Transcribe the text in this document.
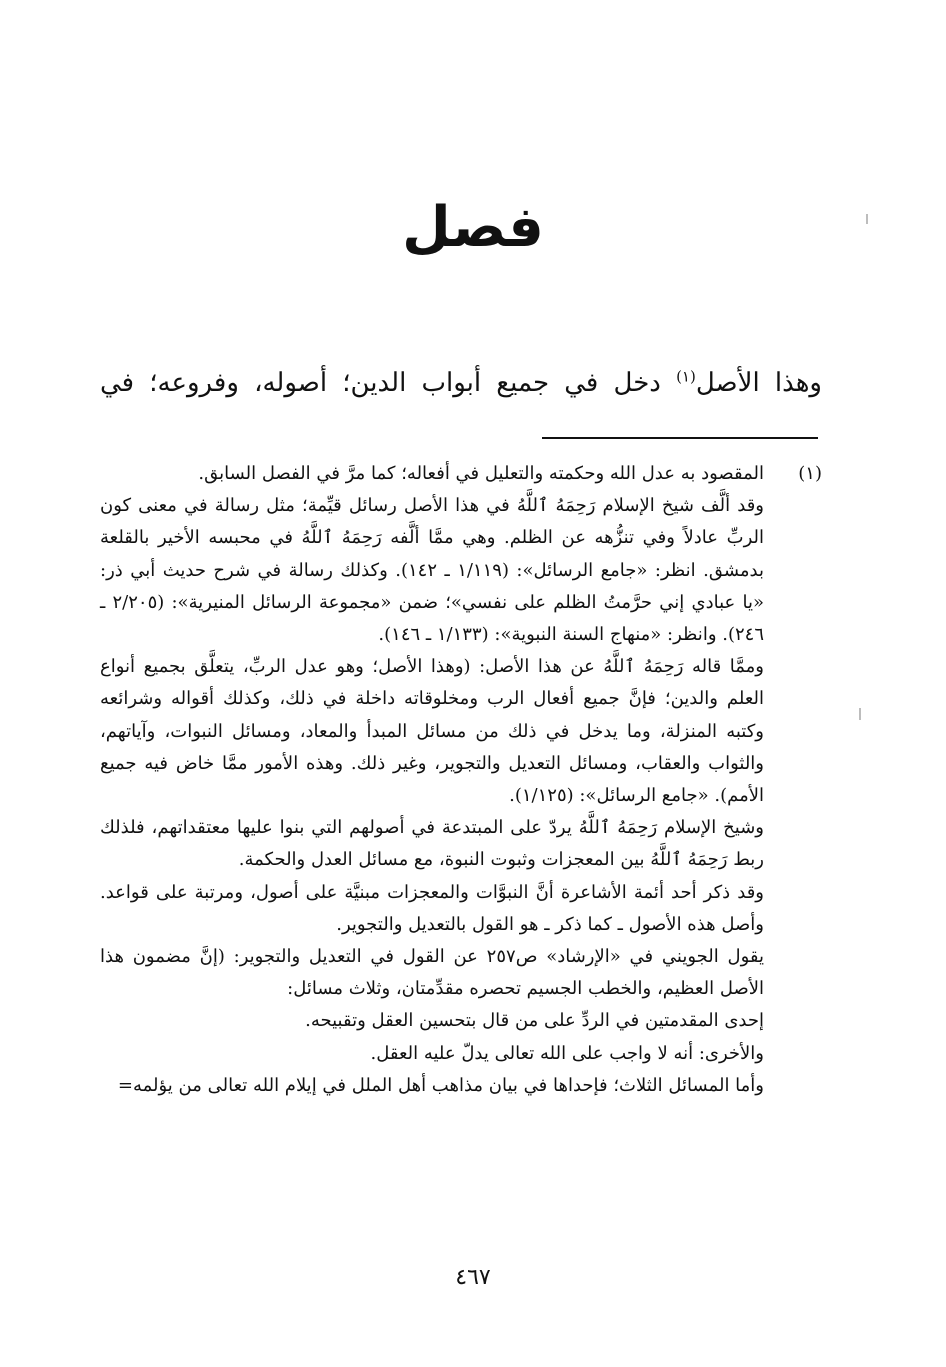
فصل

وهذا الأصل$^{(١)}$ دخل في جميع أبواب الدين؛ أصوله، وفروعه؛ في

(١)

المقصود به عدل الله وحكمته والتعليل في أفعاله؛ كما مرَّ في الفصل السابق.

وقد ألَّف شيخ الإسلام رَحِمَهُ ٱللَّهُ في هذا الأصل رسائل قيِّمة؛ مثل رسالة في معنى كون الربِّ عادلاً وفي تنزُّهه عن الظلم. وهي ممَّا ألَّفه رَحِمَهُ ٱللَّهُ في محبسه الأخير بالقلعة بدمشق. انظر: «جامع الرسائل»: (١/١١٩ ـ ١٤٢). وكذلك رسالة في شرح حديث أبي ذر: «يا عبادي إني حرَّمتُ الظلم على نفسي»؛ ضمن «مجموعة الرسائل المنيرية»: (٢/٢٠٥ ـ ٢٤٦). وانظر: «منهاج السنة النبوية»: (١/١٣٣ ـ ١٤٦).

وممَّا قاله رَحِمَهُ ٱللَّهُ عن هذا الأصل: (وهذا الأصل؛ وهو عدل الربِّ، يتعلَّق بجميع أنواع العلم والدين؛ فإنَّ جميع أفعال الرب ومخلوقاته داخلة في ذلك، وكذلك أقواله وشرائعه وكتبه المنزلة، وما يدخل في ذلك من مسائل المبدأ والمعاد، ومسائل النبوات، وآياتهم، والثواب والعقاب، ومسائل التعديل والتجوير، وغير ذلك. وهذه الأمور ممَّا خاض فيه جميع الأمم). «جامع الرسائل»: (١/١٢٥).

وشيخ الإسلام رَحِمَهُ ٱللَّهُ يردّ على المبتدعة في أصولهم التي بنوا عليها معتقداتهم، فلذلك ربط رَحِمَهُ ٱللَّهُ بين المعجزات وثبوت النبوة، مع مسائل العدل والحكمة.

وقد ذكر أحد أئمة الأشاعرة أنَّ النبوَّات والمعجزات مبنيَّة على أصول، ومرتبة على قواعد. وأصل هذه الأصول ـ كما ذكر ـ هو القول بالتعديل والتجوير.

يقول الجويني في «الإرشاد» ص٢٥٧ عن القول في التعديل والتجوير: (إنَّ مضمون هذا الأصل العظيم، والخطب الجسيم تحصره مقدِّمتان، وثلاث مسائل:

إحدى المقدمتين في الردِّ على من قال بتحسين العقل وتقبيحه.

والأخرى: أنه لا واجب على الله تعالى يدلّ عليه العقل.

وأما المسائل الثلاث؛ فإحداها في بيان مذاهب أهل الملل في إيلام الله تعالى من يؤلمه=

٤٦٧
